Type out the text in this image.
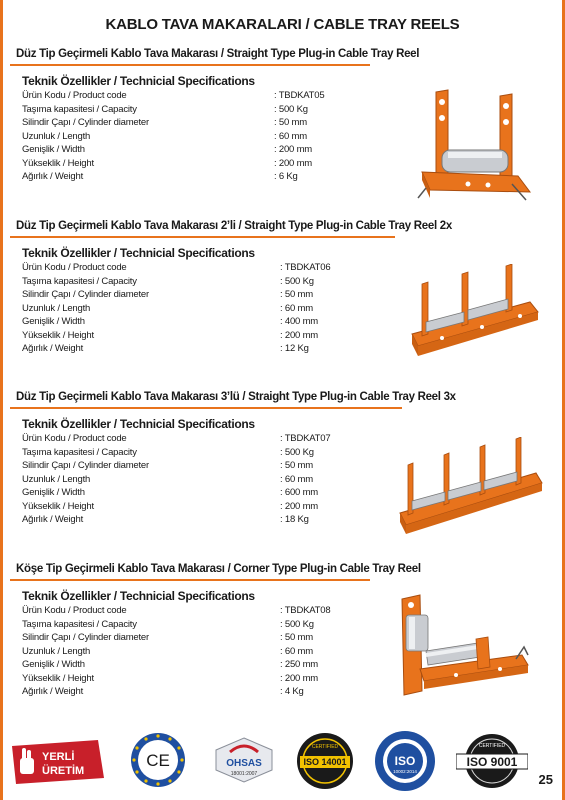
KABLO TAVA MAKARALARI / CABLE TRAY REELS
Düz Tip Geçirmeli Kablo Tava Makarası / Straight Type Plug-in Cable Tray Reel
Teknik Özellikler / Technicial Specifications
Ürün Kodu / Product code	: TBDKAT05
Taşıma kapasitesi / Capacity	: 500 Kg
Silindir Çapı / Cylinder diameter	: 50 mm
Uzunluk / Length	: 60 mm
Genişlik / Width	: 200 mm
Yükseklik / Height	: 200 mm
Ağırlık / Weight	: 6 Kg
Düz Tip Geçirmeli Kablo Tava Makarası 2’li / Straight Type Plug-in Cable Tray Reel 2x
Teknik Özellikler / Technicial Specifications
Ürün Kodu / Product code	: TBDKAT06
Taşıma kapasitesi / Capacity	: 500 Kg
Silindir Çapı / Cylinder diameter	: 50 mm
Uzunluk / Length	: 60 mm
Genişlik / Width	: 400 mm
Yükseklik / Height	: 200 mm
Ağırlık / Weight	: 12 Kg
Düz Tip Geçirmeli Kablo Tava Makarası 3’lü / Straight Type Plug-in Cable Tray Reel 3x
Teknik Özellikler / Technicial Specifications
Ürün Kodu / Product code	: TBDKAT07
Taşıma kapasitesi / Capacity	: 500 Kg
Silindir Çapı / Cylinder diameter	: 50 mm
Uzunluk / Length	: 60 mm
Genişlik / Width	: 600 mm
Yükseklik / Height	: 200 mm
Ağırlık / Weight	: 18 Kg
Köşe Tip Geçirmeli Kablo Tava Makarası / Corner Type Plug-in Cable Tray Reel
Teknik Özellikler / Technicial Specifications
Ürün Kodu / Product code	: TBDKAT08
Taşıma kapasitesi / Capacity	: 500 Kg
Silindir Çapı / Cylinder diameter	: 50 mm
Uzunluk / Length	: 60 mm
Genişlik / Width	: 250 mm
Yükseklik / Height	: 200 mm
Ağırlık / Weight	: 4 Kg
YERLİ
ÜRETİM
CE	OHSAS
18001:2007
CERTIFIED
ISO 14001	ISO
10002:2014
CERTIFIED
ISO 9001
25
